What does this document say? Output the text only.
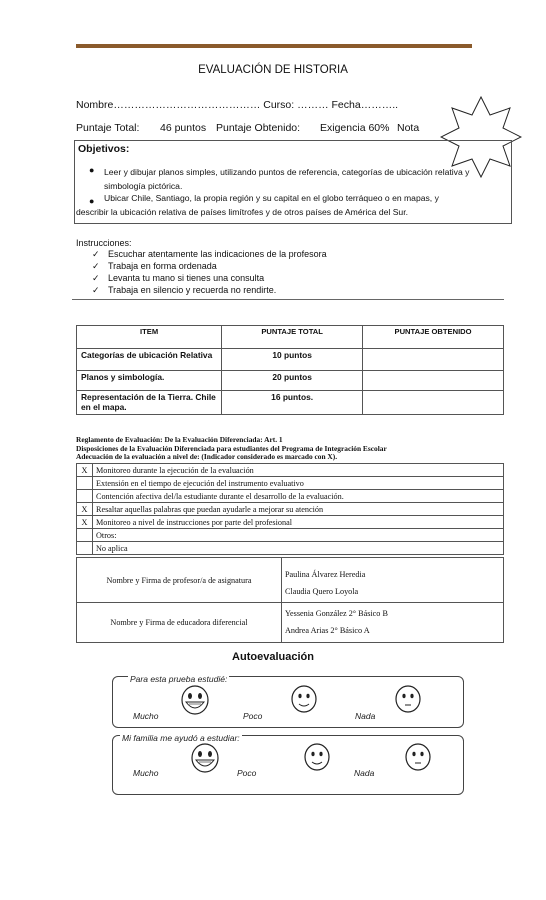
EVALUACIÓN DE HISTORIA
Nombre…………………………………… Curso: ……… Fecha………..
Puntaje Total: 46 puntos Puntaje Obtenido: Exigencia 60% Nota
Objetivos:
● Leer y dibujar planos simples, utilizando puntos de referencia, categorías de ubicación relativa y
simbología pictórica.
● Ubicar Chile, Santiago, la propia región y su capital en el globo terráqueo o en mapas, y
describir la ubicación relativa de países limítrofes y de otros países de América del Sur.
Instrucciones:
✓ Escuchar atentamente las indicaciones de la profesora
✓ Trabaja en forma ordenada
✓ Levanta tu mano si tienes una consulta
✓ Trabaja en silencio y recuerda no rendirte.
ITEM	PUNTAJE TOTAL	PUNTAJE OBTENIDO
Categorías de ubicación Relativa	10 puntos	
Planos y simbología.	20 puntos	
Representación de la Tierra. Chile en el mapa.	16 puntos.	
Reglamento de Evaluación: De la Evaluación Diferenciada: Art. 1
Disposiciones de la Evaluación Diferenciada para estudiantes del Programa de Integración Escolar
Adecuación de la evaluación a nivel de: (Indicador considerado es marcado con X).
X	Monitoreo durante la ejecución de la evaluación
	Extensión en el tiempo de ejecución del instrumento evaluativo
	Contención afectiva del/la estudiante durante el desarrollo de la evaluación.
X	Resaltar aquellas palabras que puedan ayudarle a mejorar su atención
X	Monitoreo a nivel de instrucciones por parte del profesional
	Otros:
	No aplica
Nombre y Firma de profesor/a de asignatura	Paulina Álvarez Heredia
Claudia Quero Loyola

Nombre y Firma de educadora diferencial	Yessenia González 2° Básico B
Andrea Arias 2° Básico A
Autoevaluación
Para esta prueba estudié:
Mucho	Poco	Nada
Mi familia me ayudó a estudiar:
Mucho	Poco	Nada
